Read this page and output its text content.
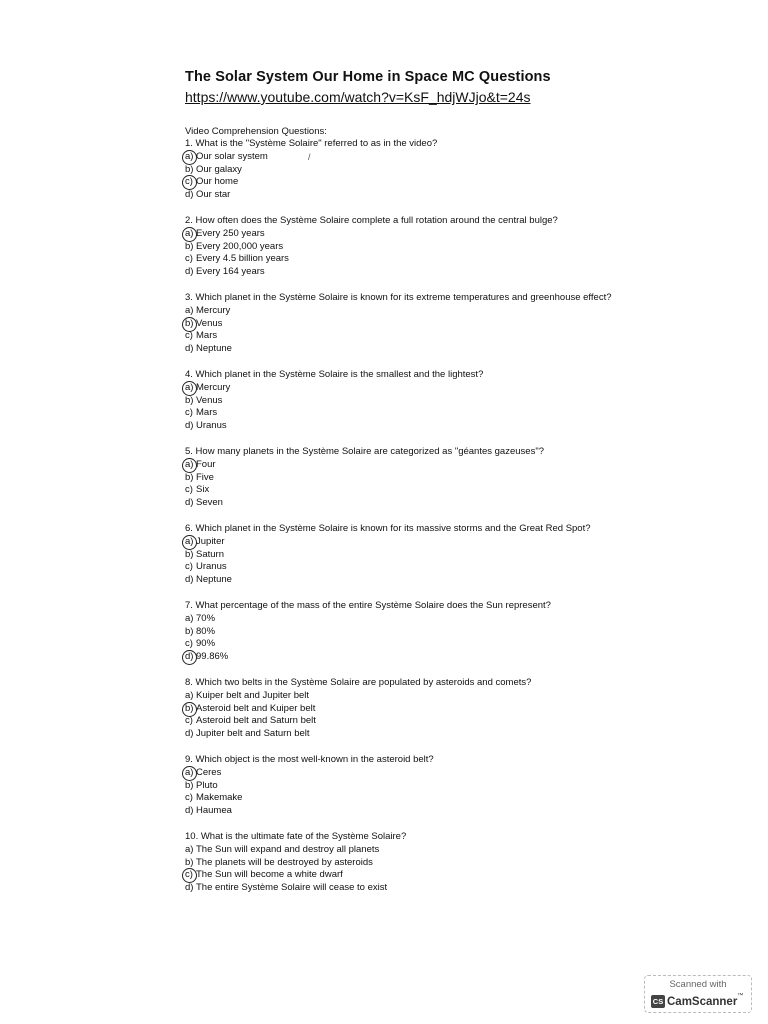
The Solar System Our Home in Space MC Questions
https://www.youtube.com/watch?v=KsF_hdjWJjo&t=24s
Video Comprehension Questions:
/
1. What is the "Système Solaire" referred to as in the video?
a) Our solar system
b) Our galaxy
c) Our home
d) Our star
2. How often does the Système Solaire complete a full rotation around the central bulge?
a) Every 250 years
b) Every 200,000 years
c) Every 4.5 billion years
d) Every 164 years
3. Which planet in the Système Solaire is known for its extreme temperatures and greenhouse effect?
a) Mercury
b) Venus
c) Mars
d) Neptune
4. Which planet in the Système Solaire is the smallest and the lightest?
a) Mercury
b) Venus
c) Mars
d) Uranus
5. How many planets in the Système Solaire are categorized as "géantes gazeuses"?
a) Four
b) Five
c) Six
d) Seven
6. Which planet in the Système Solaire is known for its massive storms and the Great Red Spot?
a) Jupiter
b) Saturn
c) Uranus
d) Neptune
7. What percentage of the mass of the entire Système Solaire does the Sun represent?
a) 70%
b) 80%
c) 90%
d) 99.86%
8. Which two belts in the Système Solaire are populated by asteroids and comets?
a) Kuiper belt and Jupiter belt
b) Asteroid belt and Kuiper belt
c) Asteroid belt and Saturn belt
d) Jupiter belt and Saturn belt
9. Which object is the most well-known in the asteroid belt?
a) Ceres
b) Pluto
c) Makemake
d) Haumea
10. What is the ultimate fate of the Système Solaire?
a) The Sun will expand and destroy all planets
b) The planets will be destroyed by asteroids
c) The Sun will become a white dwarf
d) The entire Système Solaire will cease to exist
Scanned with
CS CamScanner™
